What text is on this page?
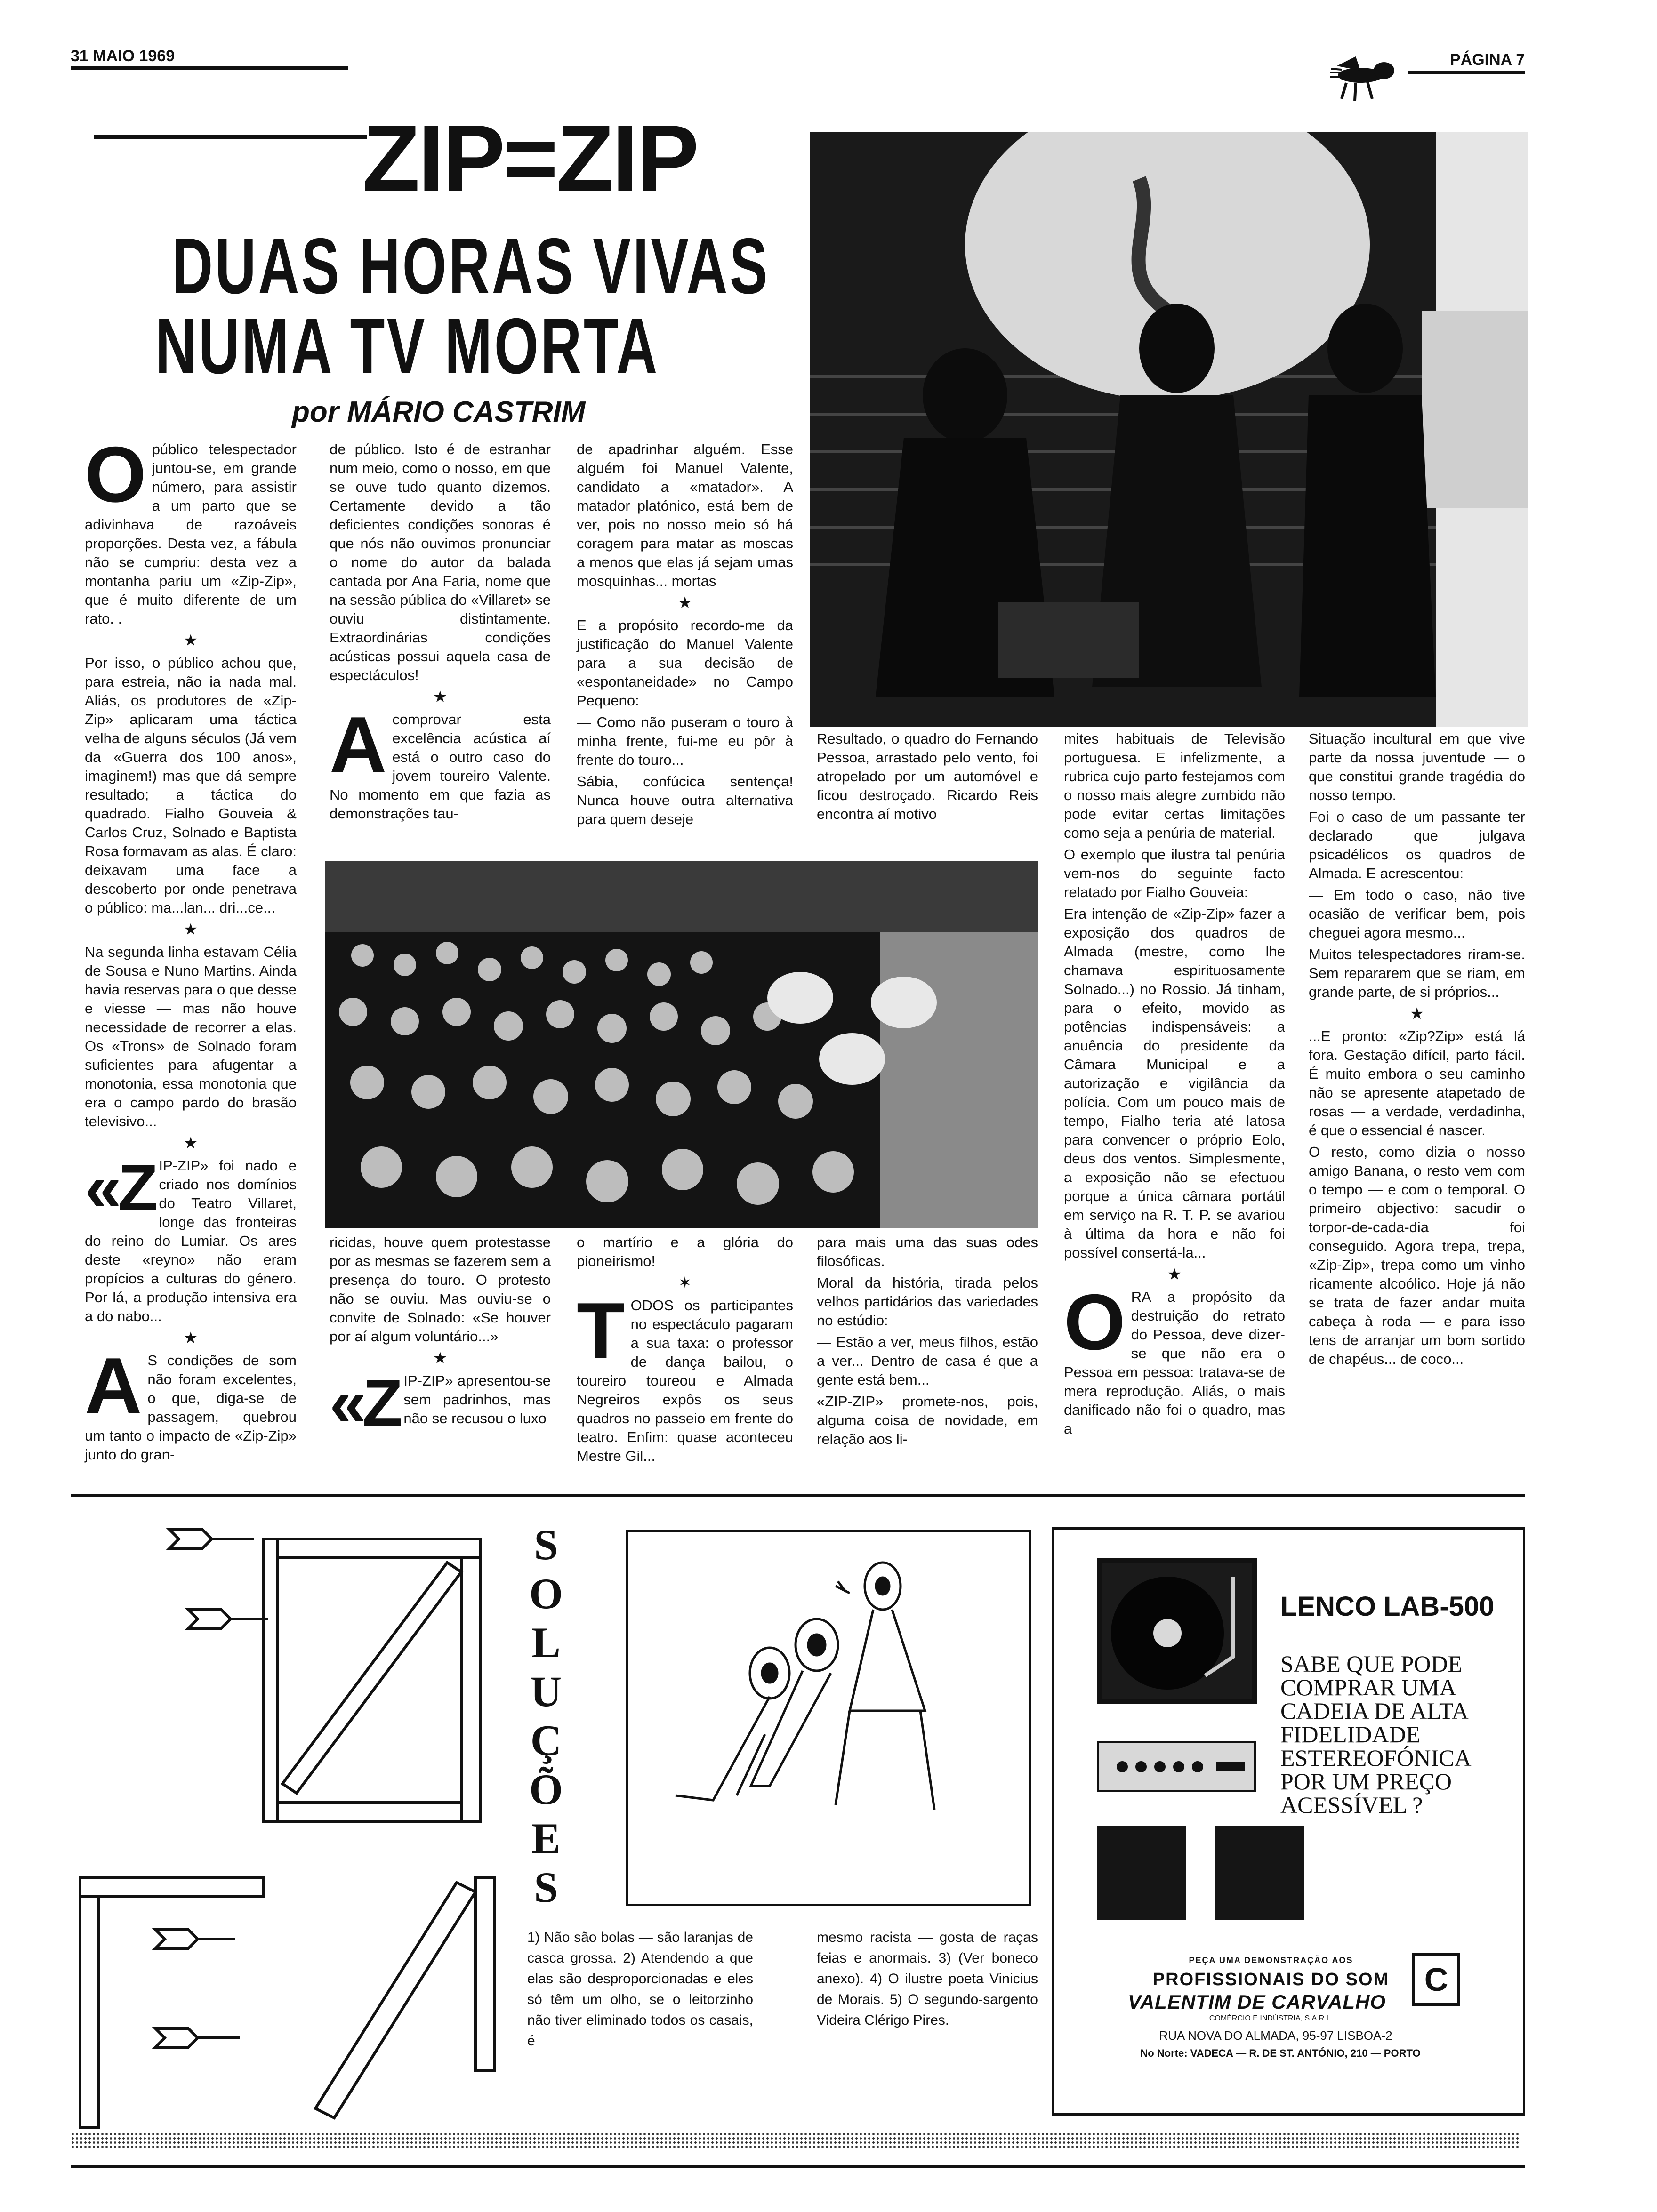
31 MAIO 1969	PÁGINA 7
ZIP=ZIP
DUAS HORAS VIVAS
NUMA TV MORTA
por MÁRIO CASTRIM

Opúblico telespectador juntou-se, em grande número, para assistir a um parto que se adivinhava de razoáveis proporções. Desta vez, a fábula não se cumpriu: desta vez a montanha pariu um «Zip-Zip», que é muito diferente de um rato. .

★

Por isso, o público achou que, para estreia, não ia nada mal. Aliás, os produtores de «Zip-Zip» aplicaram uma táctica velha de alguns séculos (Já vem da «Guerra dos 100 anos», imaginem!) mas que dá sempre resultado; a táctica do quadrado. Fialho Gouveia & Carlos Cruz, Solnado e Baptista Rosa formavam as alas. É claro: deixavam uma face a descoberto por onde penetrava o público: ma...lan... dri...ce...

★

Na segunda linha estavam Célia de Sousa e Nuno Martins. Ainda havia reservas para o que desse e viesse — mas não houve necessidade de recorrer a elas. Os «Trons» de Solnado foram suficientes para afugentar a monotonia, essa monotonia que era o campo pardo do brasão televisivo...

★

«ZIP-ZIP» foi nado e criado nos domínios do Teatro Villaret, longe das fronteiras do reino do Lumiar. Os ares deste «reyno» não eram propícios a culturas do género. Por lá, a produção intensiva era a do nabo...

★

A S condições de som não foram excelentes, o que, diga-se de passagem, quebrou um tanto o impacto de «Zip-Zip» junto do gran-

de público. Isto é de estranhar num meio, como o nosso, em que se ouve tudo quanto dizemos. Certamente devido a tão deficientes condições sonoras é que nós não ouvimos pronunciar o nome do autor da balada cantada por Ana Faria, nome que na sessão pública do «Villaret» se ouviu distintamente. Extraordinárias condições acústicas possui aquela casa de espectáculos!

★

Acomprovar esta excelência acústica aí está o outro caso do jovem toureiro Valente. No momento em que fazia as demonstrações tau-

de apadrinhar alguém. Esse alguém foi Manuel Valente, candidato a «matador». A matador platónico, está bem de ver, pois no nosso meio só há coragem para matar as moscas a menos que elas já sejam umas mosquinhas... mortas

★

E a propósito recordo-me da justificação do Manuel Valente para a sua decisão de «espontaneidade» no Campo Pequeno:

— Como não puseram o touro à minha frente, fui-me eu pôr à frente do touro...

Sábia, confúcica sentença! Nunca houve outra alternativa para quem deseje

Resultado, o quadro do Fernando Pessoa, arrastado pelo vento, foi atropelado por um automóvel e ficou destroçado. Ricardo Reis encontra aí motivo

mites habituais de Televisão portuguesa. E infelizmente, a rubrica cujo parto festejamos com o nosso mais alegre zumbido não pode evitar certas limitações como seja a penúria de material.

O exemplo que ilustra tal penúria vem-nos do seguinte facto relatado por Fialho Gouveia:

Era intenção de «Zip-Zip» fazer a exposição dos quadros de Almada (mestre, como lhe chamava espirituosamente Solnado...) no Rossio. Já tinham, para o efeito, movido as potências indispensáveis: a anuência do presidente da Câmara Municipal e a autorização e vigilância da polícia. Com um pouco mais de tempo, Fialho teria até latosa para convencer o próprio Eolo, deus dos ventos. Simplesmente, a exposição não se efectuou porque a única câmara portátil em serviço na R. T. P. se avariou à última da hora e não foi possível consertá-la...

★

ORA a propósito da destruição do retrato do Pessoa, deve dizer-se que não era o Pessoa em pessoa: tratava-se de mera reprodução. Aliás, o mais danificado não foi o quadro, mas a

Situação incultural em que vive parte da nossa juventude — o que constitui grande tragédia do nosso tempo.

Foi o caso de um passante ter declarado que julgava psicadélicos os quadros de Almada. E acrescentou:

— Em todo o caso, não tive ocasião de verificar bem, pois cheguei agora mesmo...

Muitos telespectadores riram-se. Sem repararem que se riam, em grande parte, de si próprios...

★

...E pronto: «Zip?Zip» está lá fora. Gestação difícil, parto fácil. É muito embora o seu caminho não se apresente atapetado de rosas — a verdade, verdadinha, é que o essencial é nascer.

O resto, como dizia o nosso amigo Banana, o resto vem com o tempo — e com o temporal. O primeiro objectivo: sacudir o torpor-de-cada-dia foi conseguido. Agora trepa, trepa, «Zip-Zip», trepa como um vinho ricamente alcoólico. Hoje já não se trata de fazer andar muita cabeça à roda — e para isso tens de arranjar um bom sortido de chapéus... de coco...

ricidas, houve quem protestasse por as mesmas se fazerem sem a presença do touro. O protesto não se ouviu. Mas ouviu-se o convite de Solnado: «Se houver por aí algum voluntário...»

★

«ZIP-ZIP» apresentou-se sem padrinhos, mas não se recusou o luxo

o martírio e a glória do pioneirismo!

✶

TODOS os participantes no espectáculo pagaram a sua taxa: o professor de dança bailou, o toureiro toureou e Almada Negreiros expôs os seus quadros no passeio em frente do teatro. Enfim: quase aconteceu Mestre Gil...

para mais uma das suas odes filosóficas.

Moral da história, tirada pelos velhos partidários das variedades no estúdio:

— Estão a ver, meus filhos, estão a ver... Dentro de casa é que a gente está bem...

«ZIP-ZIP» promete-nos, pois, alguma coisa de novidade, em relação aos li-

S
O
L
U
Ç
Õ
E
S

1) Não são bolas — são laranjas de casca grossa. 2) Atendendo a que elas são desproporcionadas e eles só têm um olho, se o leitorzinho não tiver eliminado todos os casais, é

mesmo racista — gosta de raças feias e anormais. 3) (Ver boneco anexo). 4) O ilustre poeta Vinicius de Morais. 5) O segundo-sargento Videira Clérigo Pires.

LENCO LAB-500
SABE QUE PODE COMPRAR UMA CADEIA DE ALTA FIDELIDADE ESTEREOFÓNICA POR UM PREÇO ACESSÍVEL ?
C
PEÇA UMA DEMONSTRAÇÃO AOS
PROFISSIONAIS DO SOM
VALENTIM DE CARVALHO
COMÉRCIO E INDÚSTRIA, S.A.R.L.
RUA NOVA DO ALMADA, 95-97 LISBOA-2
No Norte: VADECA — R. DE ST. ANTÓNIO, 210 — PORTO
